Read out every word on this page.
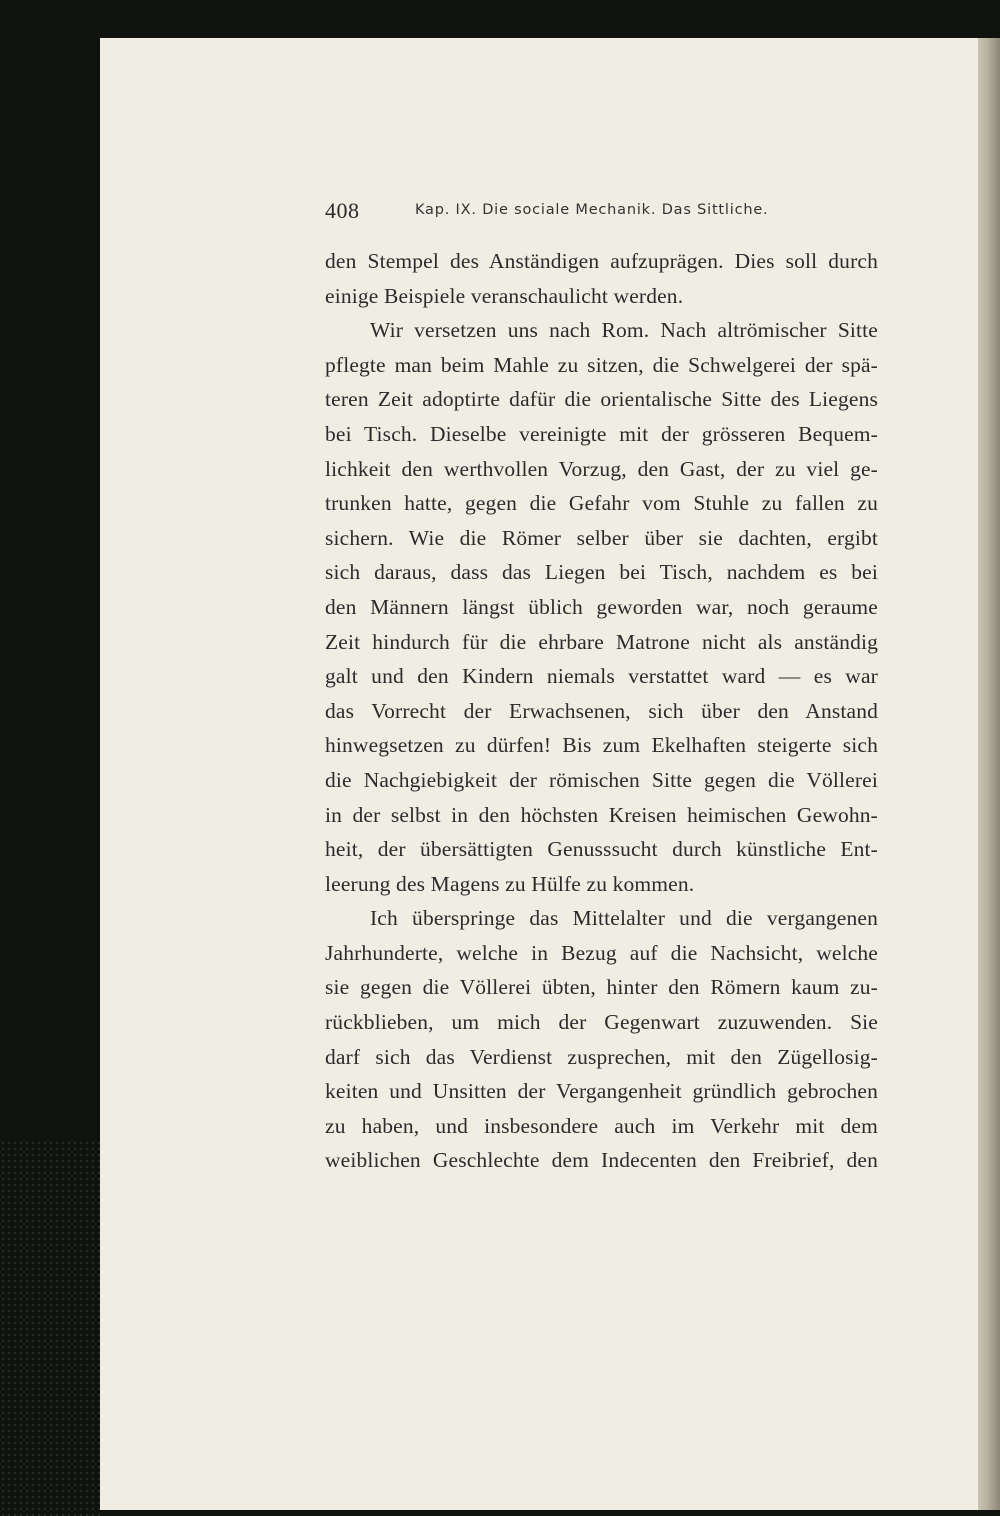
408	Kap. IX. Die sociale Mechanik. Das Sittliche.
den Stempel des Anständigen aufzuprägen. Dies soll durch
einige Beispiele veranschaulicht werden.
Wir versetzen uns nach Rom. Nach altrömischer Sitte
pflegte man beim Mahle zu sitzen, die Schwelgerei der spä-
teren Zeit adoptirte dafür die orientalische Sitte des Liegens
bei Tisch. Dieselbe vereinigte mit der grösseren Bequem-
lichkeit den werthvollen Vorzug, den Gast, der zu viel ge-
trunken hatte, gegen die Gefahr vom Stuhle zu fallen zu
sichern. Wie die Römer selber über sie dachten, ergibt
sich daraus, dass das Liegen bei Tisch, nachdem es bei
den Männern längst üblich geworden war, noch geraume
Zeit hindurch für die ehrbare Matrone nicht als anständig
galt und den Kindern niemals verstattet ward — es war
das Vorrecht der Erwachsenen, sich über den Anstand
hinwegsetzen zu dürfen! Bis zum Ekelhaften steigerte sich
die Nachgiebigkeit der römischen Sitte gegen die Völlerei
in der selbst in den höchsten Kreisen heimischen Gewohn-
heit, der übersättigten Genusssucht durch künstliche Ent-
leerung des Magens zu Hülfe zu kommen.
Ich überspringe das Mittelalter und die vergangenen
Jahrhunderte, welche in Bezug auf die Nachsicht, welche
sie gegen die Völlerei übten, hinter den Römern kaum zu-
rückblieben, um mich der Gegenwart zuzuwenden. Sie
darf sich das Verdienst zusprechen, mit den Zügellosig-
keiten und Unsitten der Vergangenheit gründlich gebrochen
zu haben, und insbesondere auch im Verkehr mit dem
weiblichen Geschlechte dem Indecenten den Freibrief, den
